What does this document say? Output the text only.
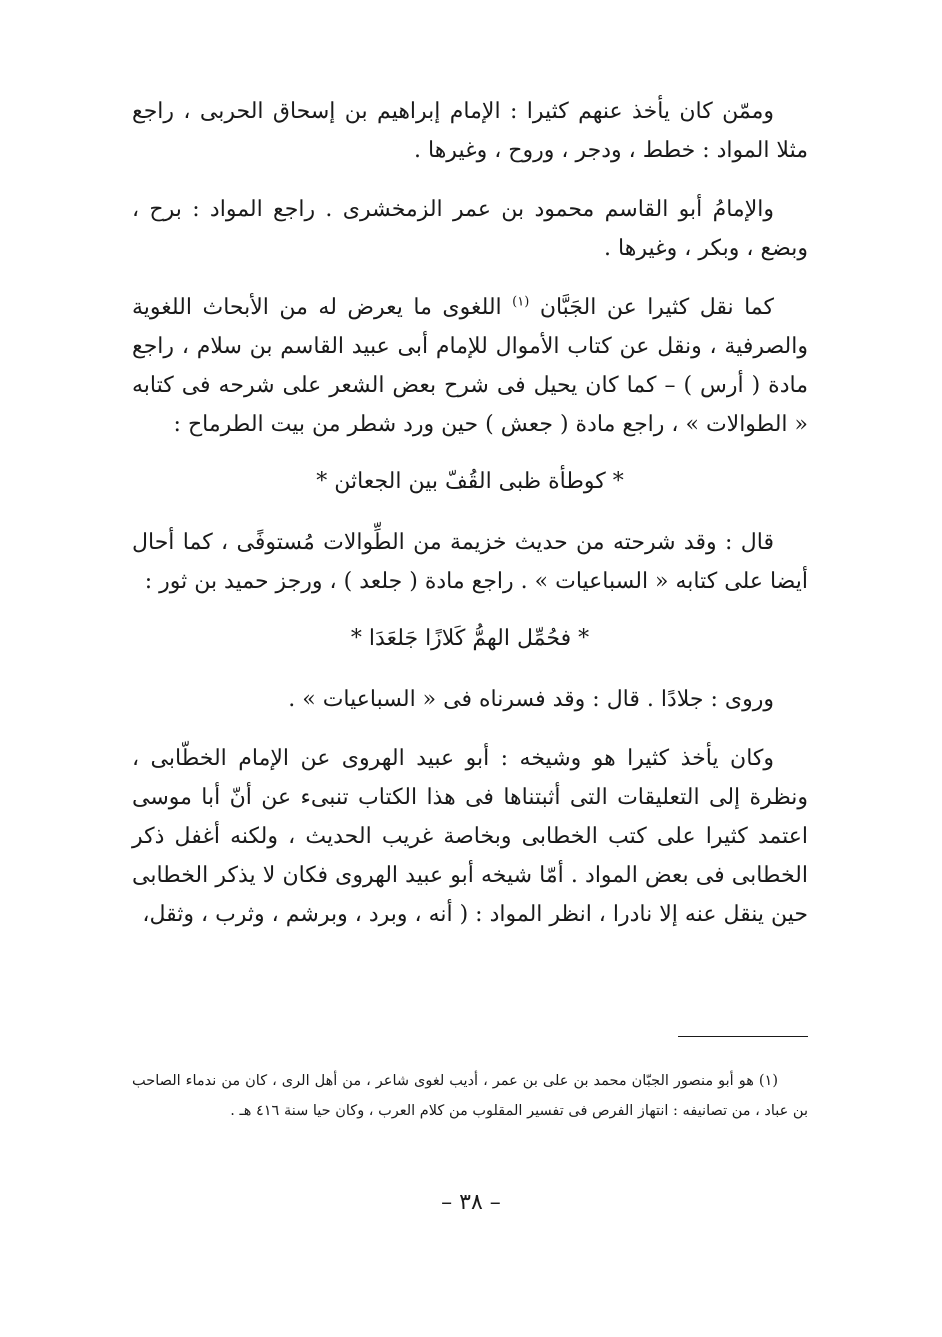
وممّن كان يأخذ عنهم كثيرا : الإمام إبراهيم بن إسحاق الحربى ، راجع مثلا المواد : خطط ، ودجر ، وروح ، وغيرها .

والإمامُ أبو القاسم محمود بن عمر الزمخشرى . راجع المواد : برح ، وبضع ، وبكر ، وغيرها .

كما نقل كثيرا عن الجَبَّان $^{(١)}$ اللغوى ما يعرض له من الأبحاث اللغوية والصرفية ، ونقل عن كتاب الأموال للإمام أبى عبيد القاسم بن سلام ، راجع مادة ( أرس ) – كما كان يحيل فى شرح بعض الشعر على شرحه فى كتابه « الطوالات » ، راجع مادة ( جعش ) حين ورد شطر من بيت الطرماح :

* كوطأة ظبى القُفّ بين الجعاثن *

قال : وقد شرحته من حديث خزيمة من الطِّوالات مُستوفًى ، كما أحال أيضا على كتابه « السباعيات » . راجع مادة ( جلعد ) ، ورجز حميد بن ثور :

* فحُمِّل الهمُّ كَلازًا جَلعَدَا *

وروى : جلادًا . قال : وقد فسرناه فى « السباعيات » .

وكان يأخذ كثيرا هو وشيخه : أبو عبيد الهروى عن الإمام الخطّابى ، ونظرة إلى التعليقات التى أثبتناها فى هذا الكتاب تنبىء عن أنّ أبا موسى اعتمد كثيرا على كتب الخطابى وبخاصة غريب الحديث ، ولكنه أغفل ذكر الخطابى فى بعض المواد . أمّا شيخه أبو عبيد الهروى فكان لا يذكر الخطابى حين ينقل عنه إلا نادرا ، انظر المواد : ( أنه ، وبرد ، وبرشم ، وثرب ، وثقل،

(١) هو أبو منصور الجبّان محمد بن على بن عمر ، أديب لغوى شاعر ، من أهل الرى ، كان من ندماء الصاحب بن عباد ، من تصانيفه : انتهاز الفرص فى تفسير المقلوب من كلام العرب ، وكان حيا سنة ٤١٦ هـ .
– ٣٨ –
